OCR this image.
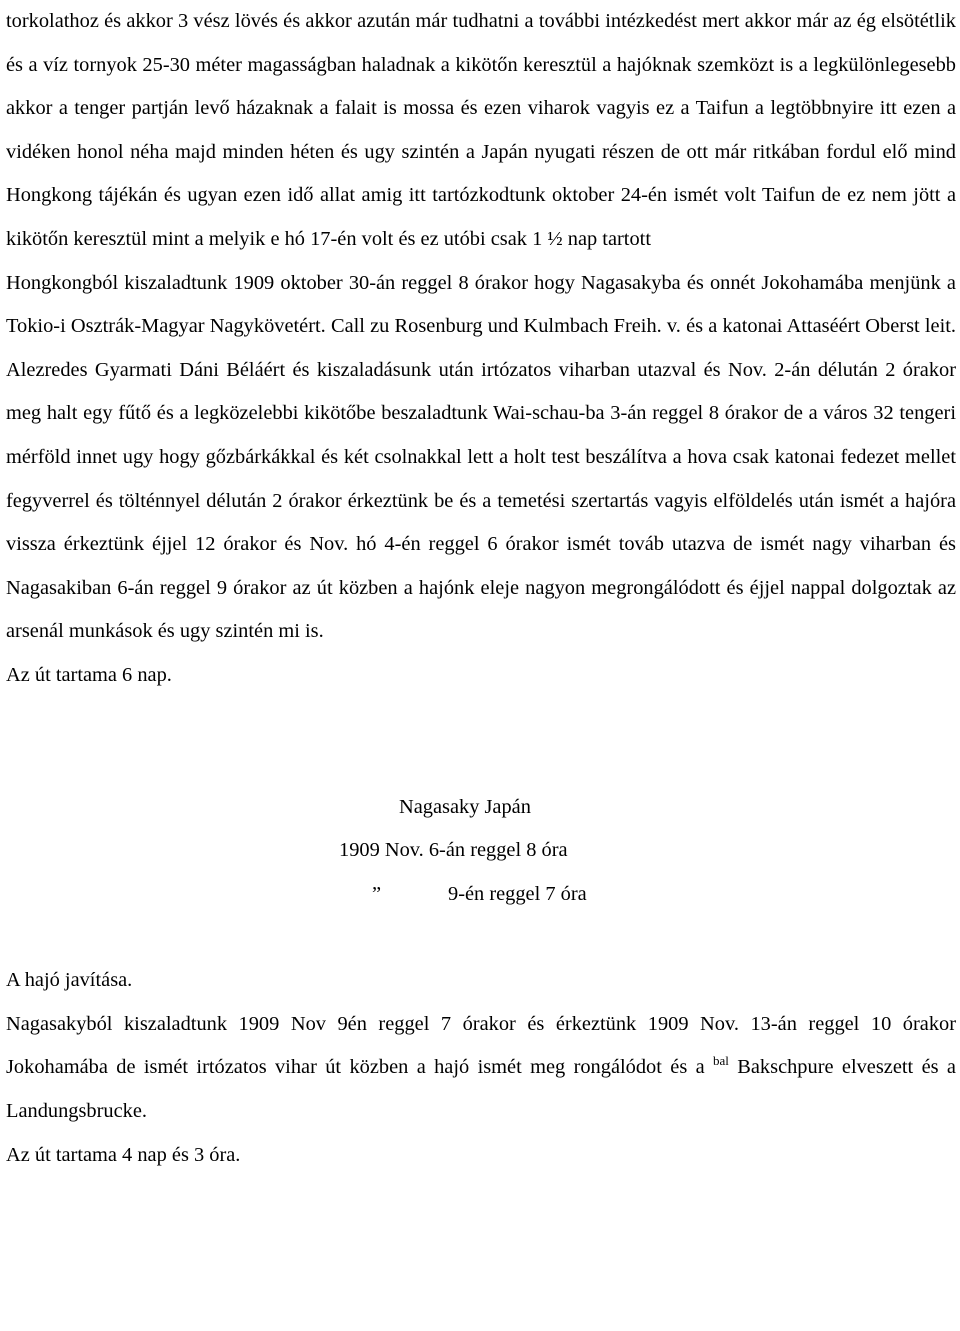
torkolathoz és akkor 3 vész lövés és akkor azután már tudhatni a további intézkedést mert akkor már az ég elsötétlik és a víz tornyok 25-30 méter magasságban haladnak a kikötőn keresztül a hajóknak szemközt is a legkülönlegesebb akkor a tenger partján levő házaknak a falait is mossa és ezen viharok vagyis ez a Taifun a legtöbbnyire itt ezen a vidéken honol néha majd minden héten és ugy szintén a Japán nyugati részen de ott már ritkában fordul elő mind Hongkong tájékán és ugyan ezen idő allat amig itt tartózkodtunk oktober 24-én ismét volt Taifun de ez nem jött a kikötőn keresztül mint a melyik e hó 17-én volt és ez utóbi csak 1 ½ nap tartott

Hongkongból kiszaladtunk 1909 oktober 30-án reggel 8 órakor hogy Nagasakyba és onnét Jokohamába menjünk a Tokio-i Osztrák-Magyar Nagykövetért. Call zu Rosenburg und Kulmbach Freih. v. és a katonai Attaséért Oberst leit. Alezredes Gyarmati Dáni Béláért és kiszaladásunk után irtózatos viharban utazval és Nov. 2-án délután 2 órakor meg halt egy fűtő és a legközelebbi kikötőbe beszaladtunk Wai-schau-ba 3-án reggel 8 órakor de a város 32 tengeri mérföld innet ugy hogy gőzbárkákkal és két csolnakkal lett a holt test beszálítva a hova csak katonai fedezet mellet fegyverrel és tölténnyel délután 2 órakor érkeztünk be és a temetési szertartás vagyis elföldelés után ismét a hajóra vissza érkeztünk éjjel 12 órakor és Nov. hó 4-én reggel 6 órakor ismét továb utazva de ismét nagy viharban és Nagasakiban 6-án reggel 9 órakor az út közben a hajónk eleje nagyon megrongálódott és éjjel nappal dolgoztak az arsenál munkások és ugy szintén mi is.

Az út tartama 6 nap.

Nagasaky Japán

1909 Nov. 6-án reggel 8 óra

”	9-én reggel 7 óra

A hajó javítása.

Nagasakyból kiszaladtunk 1909 Nov 9én reggel 7 órakor és érkeztünk 1909 Nov. 13-án reggel 10 órakor Jokohamába de ismét irtózatos vihar út közben a hajó ismét meg rongálódot és a $^{bal}$ Bakschpure elveszett és a Landungsbrucke.

Az út tartama 4 nap és 3 óra.
